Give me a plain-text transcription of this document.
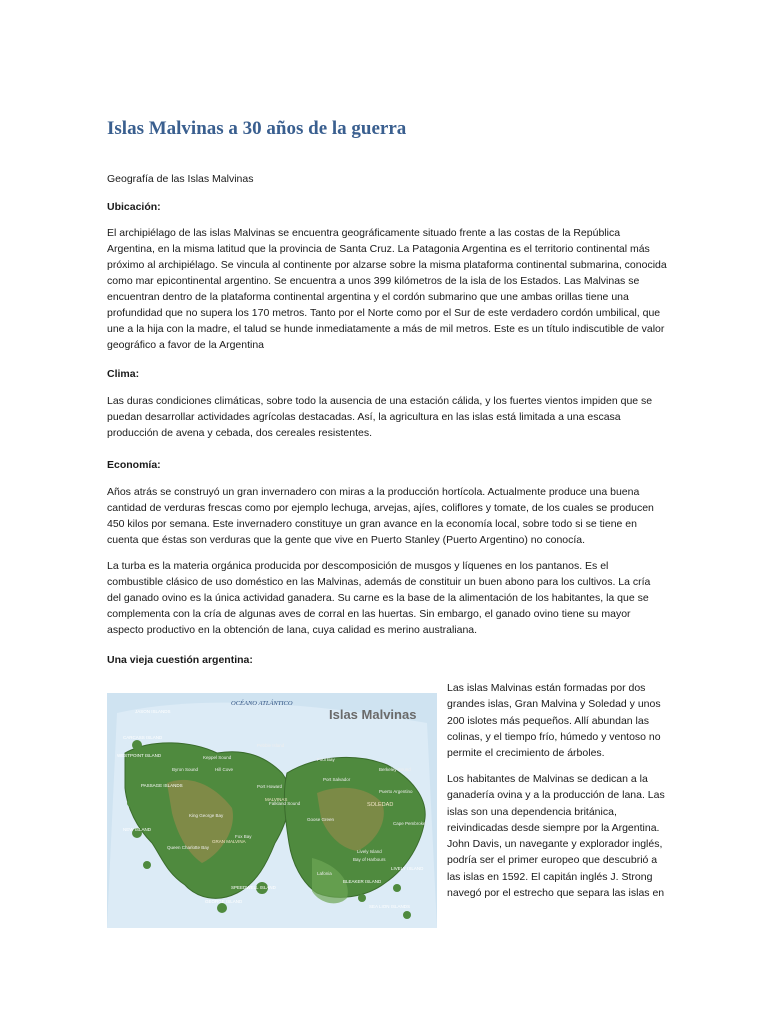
Islas Malvinas a 30 años de la guerra

Geografía de las Islas Malvinas

Ubicación:

El archipiélago de las islas Malvinas se encuentra geográficamente situado frente a las costas de la República Argentina, en la misma latitud que la provincia de Santa Cruz. La Patagonia Argentina es el territorio continental más próximo al archipiélago. Se vincula al continente por alzarse sobre la misma plataforma continental submarina, conocida como mar epicontinental argentino. Se encuentra a unos 399 kilómetros de la isla de los Estados. Las Malvinas se encuentran dentro de la plataforma continental argentina y el cordón submarino que une ambas orillas tiene una profundidad que no supera los 170 metros. Tanto por el Norte como por el Sur de este verdadero cordón umbilical, que une a la hija con la madre, el talud se hunde inmediatamente a más de mil metros. Este es un título indiscutible de valor geográfico a favor de la Argentina

Clima:

Las duras condiciones climáticas, sobre todo la ausencia de una estación cálida, y los fuertes vientos impiden que se puedan desarrollar actividades agrícolas destacadas. Así, la agricultura en las islas está limitada a una escasa producción de avena y cebada, dos cereales resistentes.

Economía:

Años atrás se construyó un gran invernadero con miras a la producción hortícola. Actualmente produce una buena cantidad de verduras frescas como por ejemplo lechuga, arvejas, ajíes, coliflores y tomate, de los cuales se producen 450 kilos por semana. Este invernadero constituye un gran avance en la economía local, sobre todo si se tiene en cuenta que éstas son verduras que la gente que vive en Puerto Stanley (Puerto Argentino) no conocía.

La turba es la materia orgánica producida por descomposición de musgos y líquenes en los pantanos. Es el combustible clásico de uso doméstico en las Malvinas, además de constituir un buen abono para los cultivos. La cría del ganado ovino es la única actividad ganadera. Su carne es la base de la alimentación de los habitantes, la que se complementa con la cría de algunas aves de corral en las huertas. Sin embargo, el ganado ovino tiene su mayor aspecto productivo en la obtención de lana, cuya calidad es merino australiana.

Una vieja cuestión argentina:

Islas Malvinas
OCÉANO ATLÁNTICO
JASON ISLANDS
CARCASS ISLAND
WESTPOINT ISLAND
PASSAGE ISLANDS
NEW ISLAND
Queen Charlotte Bay
Byron Sound
King George Bay
GRAN MALVINA
Hill Cove
Pebble Island
Keppel Sound
Port Howard
Fox Bay
Falkland Sound
MALVINAS
Lafonia
SOLEDAD
Foul Bay
Berkeley Sound
Port Salvador
Puerto Argentino
Goose Green
Lively Island
SPEEDWELL ISLAND
GEORGE ISLAND
BLEAKER ISLAND
LIVELY ISLAND
SEA LION ISLANDS
Bay of Harbours
Cape Pembroke

Las islas Malvinas están formadas por dos grandes islas, Gran Malvina y Soledad y unos 200 islotes más pequeños. Allí abundan las colinas, y el tiempo frío, húmedo y ventoso no permite el crecimiento de árboles.

Los habitantes de Malvinas se dedican a la ganadería ovina y a la producción de lana. Las islas son una dependencia británica, reivindicadas desde siempre por la Argentina. John Davis, un navegante y explorador inglés, podría ser el primer europeo que descubrió a las islas en 1592. El capitán inglés J. Strong navegó por el estrecho que separa las islas en
